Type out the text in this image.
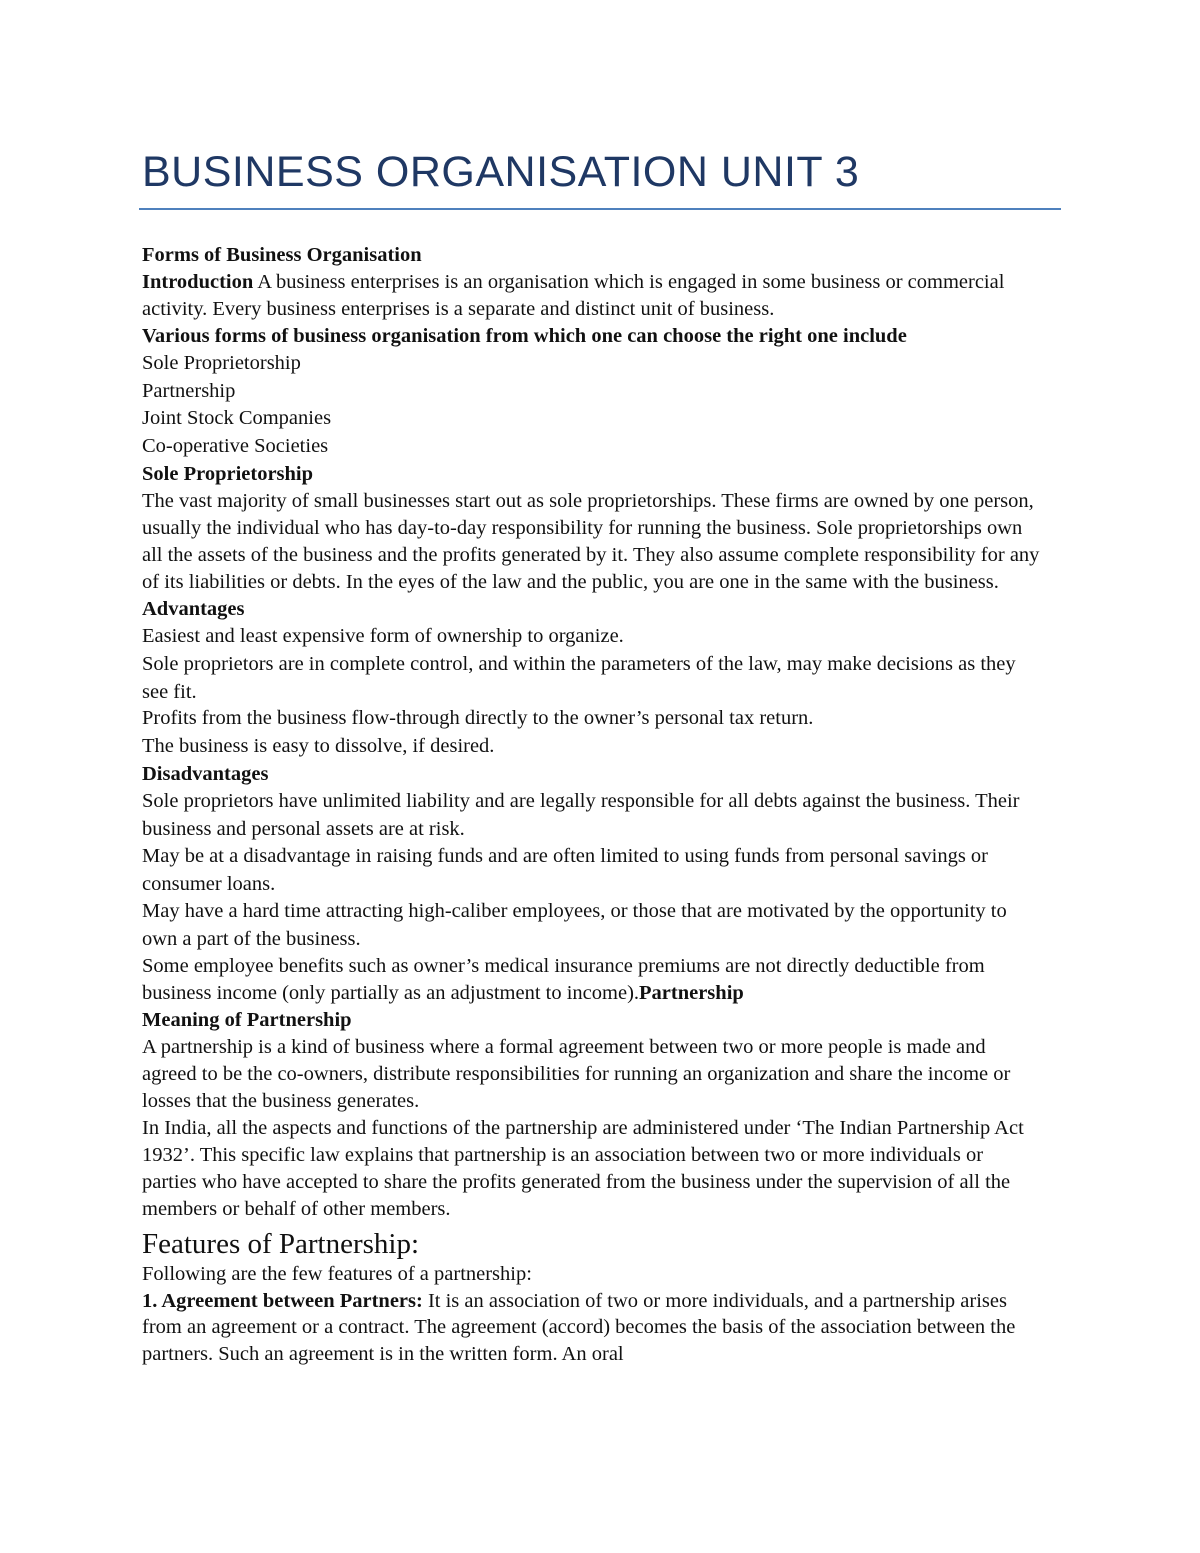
BUSINESS ORGANISATION UNIT 3

Forms of Business Organisation

Introduction A business enterprises is an organisation which is engaged in some business or commercial activity. Every business enterprises is a separate and distinct unit of business.

Various forms of business organisation from which one can choose the right one include

Sole Proprietorship

Partnership

Joint Stock Companies

Co-operative Societies

Sole Proprietorship

The vast majority of small businesses start out as sole proprietorships. These firms are owned by one person, usually the individual who has day-to-day responsibility for running the business. Sole proprietorships own all the assets of the business and the profits generated by it. They also assume complete responsibility for any of its liabilities or debts. In the eyes of the law and the public, you are one in the same with the business.

Advantages

Easiest and least expensive form of ownership to organize.

Sole proprietors are in complete control, and within the parameters of the law, may make decisions as they see fit.

Profits from the business flow-through directly to the owner’s personal tax return.

The business is easy to dissolve, if desired.

Disadvantages

Sole proprietors have unlimited liability and are legally responsible for all debts against the business. Their business and personal assets are at risk.

May be at a disadvantage in raising funds and are often limited to using funds from personal savings or consumer loans.

May have a hard time attracting high-caliber employees, or those that are motivated by the opportunity to own a part of the business.

Some employee benefits such as owner’s medical insurance premiums are not directly deductible from business income (only partially as an adjustment to income).Partnership

Meaning of Partnership

A partnership is a kind of business where a formal agreement between two or more people is made and agreed to be the co-owners, distribute responsibilities for running an organization and share the income or losses that the business generates.

In India, all the aspects and functions of the partnership are administered under ‘The Indian Partnership Act 1932’. This specific law explains that partnership is an association between two or more individuals or parties who have accepted to share the profits generated from the business under the supervision of all the members or behalf of other members.

Features of Partnership:

Following are the few features of a partnership:

1. Agreement between Partners: It is an association of two or more individuals, and a partnership arises from an agreement or a contract. The agreement (accord) becomes the basis of the association between the partners. Such an agreement is in the written form. An oral
